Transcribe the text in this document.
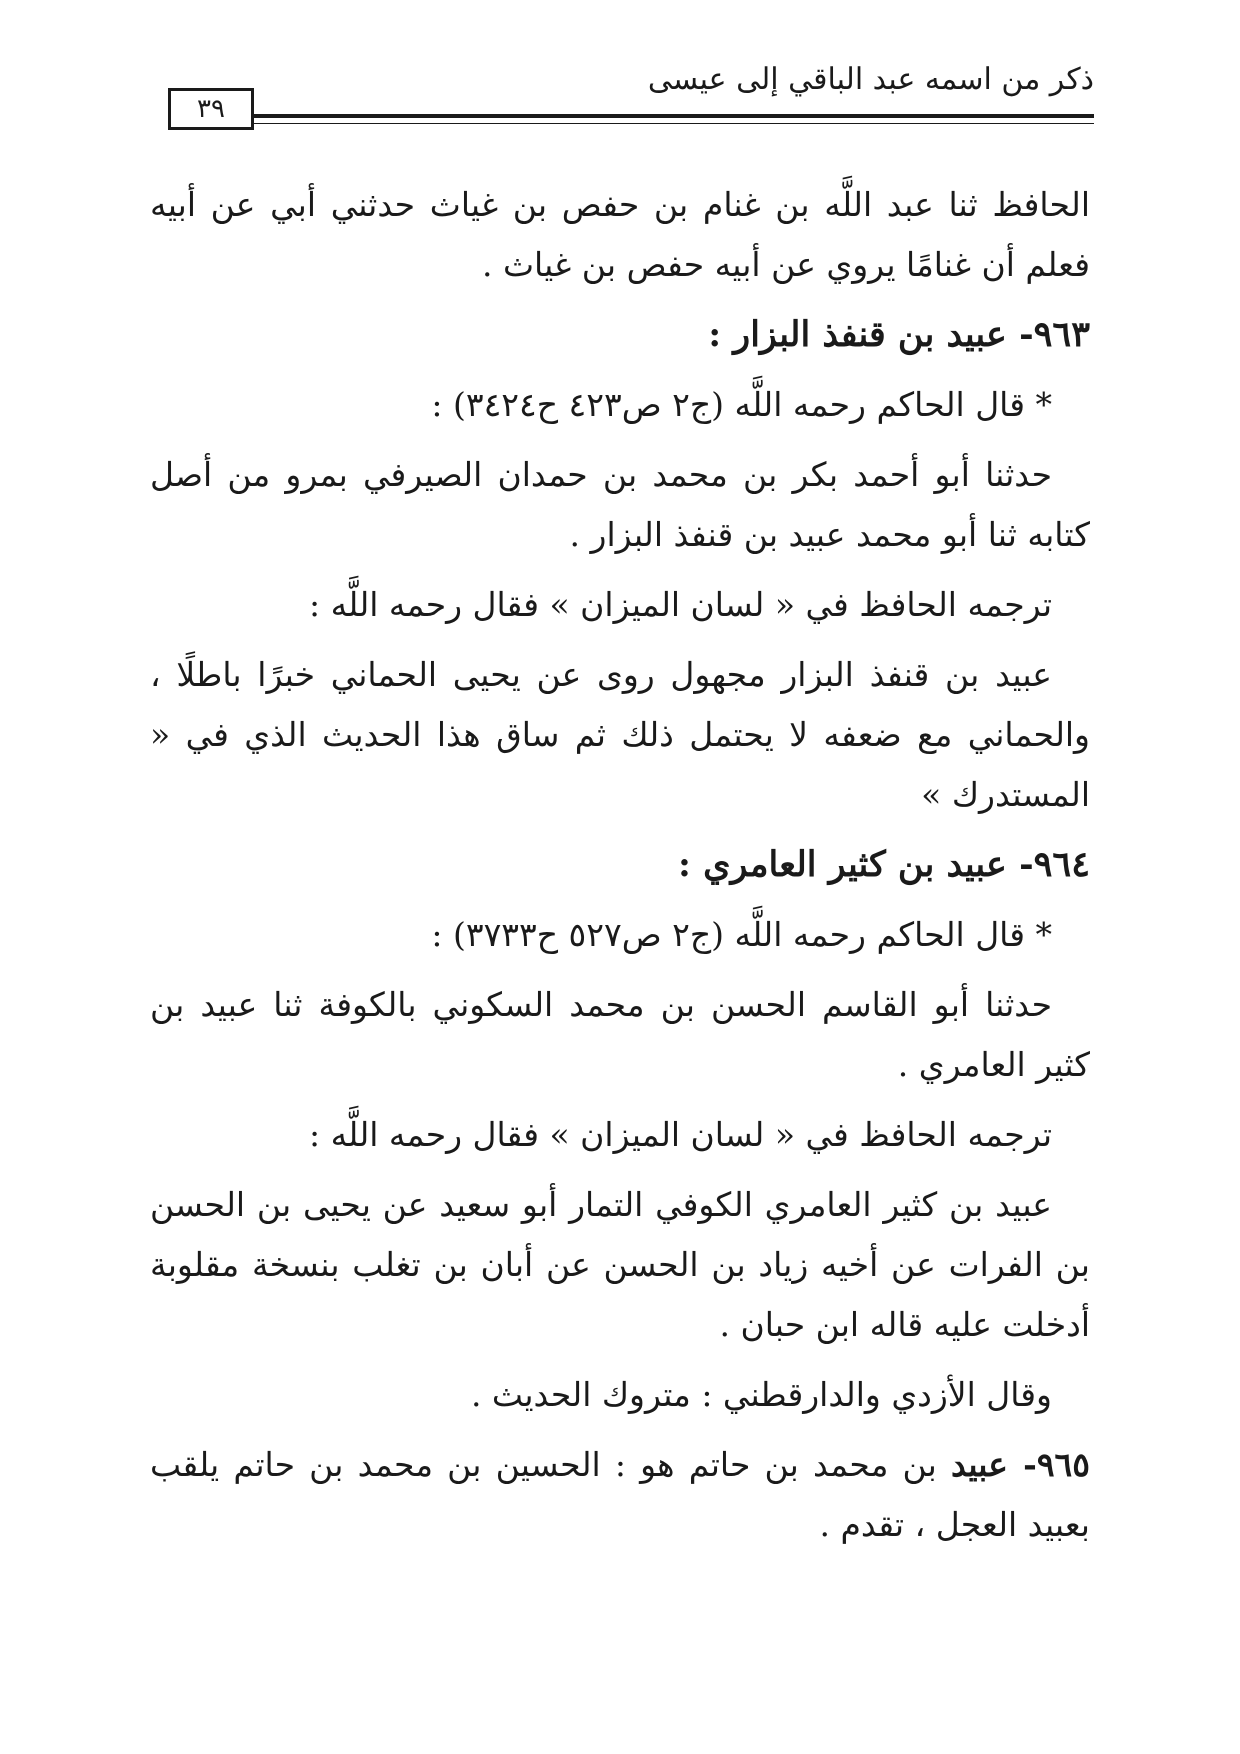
ذكر من اسمه عبد الباقي إلى عيسى
٣٩

الحافظ ثنا عبد اللَّه بن غنام بن حفص بن غياث حدثني أبي عن أبيه فعلم أن غنامًا يروي عن أبيه حفص بن غياث .

٩٦٣- عبيد بن قنفذ البزار :

* قال الحاكم رحمه اللَّه (ج٢ ص٤٢٣ ح٣٤٢٤) :

حدثنا أبو أحمد بكر بن محمد بن حمدان الصيرفي بمرو من أصل كتابه ثنا أبو محمد عبيد بن قنفذ البزار .

ترجمه الحافظ في « لسان الميزان » فقال رحمه اللَّه :

عبيد بن قنفذ البزار مجهول روى عن يحيى الحماني خبرًا باطلًا ، والحماني مع ضعفه لا يحتمل ذلك ثم ساق هذا الحديث الذي في « المستدرك »

٩٦٤- عبيد بن كثير العامري :

* قال الحاكم رحمه اللَّه (ج٢ ص٥٢٧ ح٣٧٣٣) :

حدثنا أبو القاسم الحسن بن محمد السكوني بالكوفة ثنا عبيد بن كثير العامري .

ترجمه الحافظ في « لسان الميزان » فقال رحمه اللَّه :

عبيد بن كثير العامري الكوفي التمار أبو سعيد عن يحيى بن الحسن بن الفرات عن أخيه زياد بن الحسن عن أبان بن تغلب بنسخة مقلوبة أدخلت عليه قاله ابن حبان .

وقال الأزدي والدارقطني : متروك الحديث .

٩٦٥- عبيد بن محمد بن حاتم هو : الحسين بن محمد بن حاتم يلقب بعبيد العجل ، تقدم .
